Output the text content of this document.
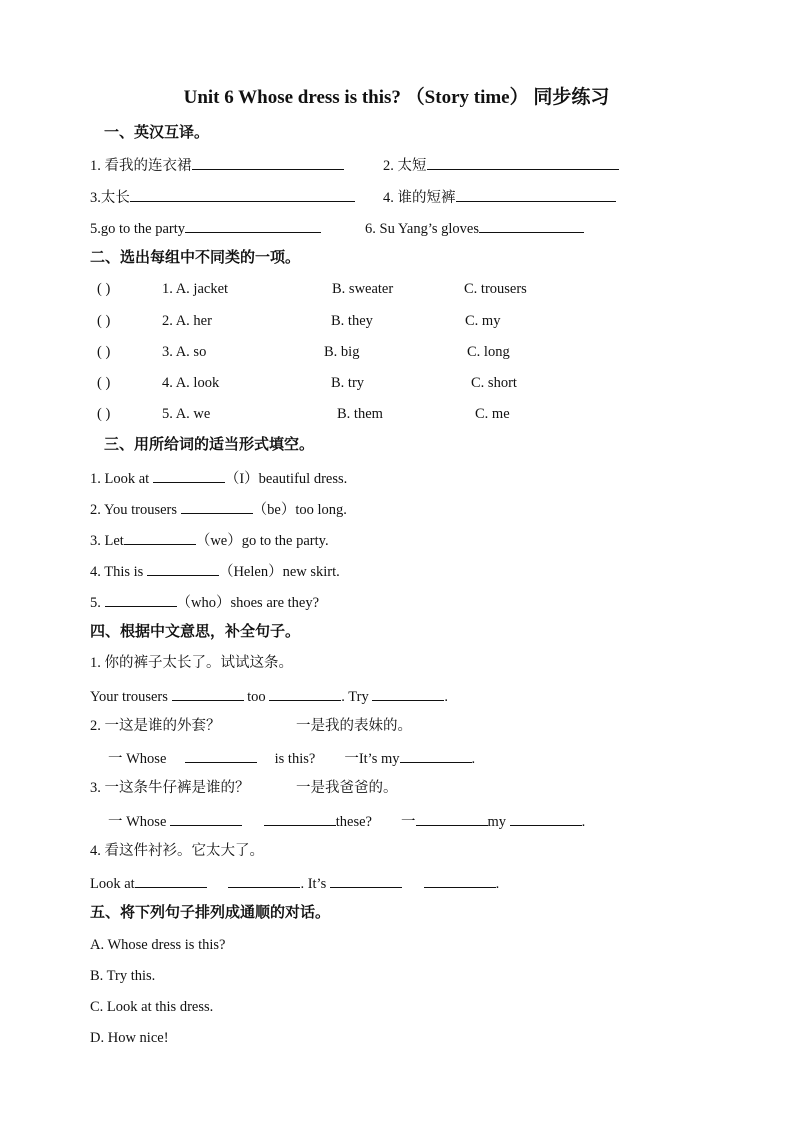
Unit 6 Whose dress is this? （Story time） 同步练习
一、英汉互译。
1. 看我的连衣裙	2. 太短
3.太长	4. 谁的短裤
5.go to the party	6. Su Yang’s gloves
二、选出每组中不同类的一项。
( )	1. A. jacket	B. sweater	C. trousers
( )	2. A. her	B. they	C. my
( )	3. A. so	B. big	C. long
( )	4. A. look	B. try	C. short
( )	5. A. we	B. them	C. me
三、用所给词的适当形式填空。
1. Look at	（I）beautiful dress.
2. You trousers	（be）too long.
3. Let	（we）go to the party.
4. This is	（Helen）new skirt.
5.	（who）shoes are they?
四、根据中文意思，补全句子。
1. 你的裤子太长了。试试这条。
Your trousers	too	. Try	.
2. 一这是谁的外套？	一是我的表妹的。
一 Whose	is this? 一It’s my	.
3. 一这条牛仔裤是谁的？	一是我爸爸的。
一 Whose	these? 一	my	.
4. 看这件衬衫。它太大了。
Look at	. It’s	.
五、将下列句子排列成通顺的对话。
A. Whose dress is this?
B. Try this.
C. Look at this dress.
D. How nice!
